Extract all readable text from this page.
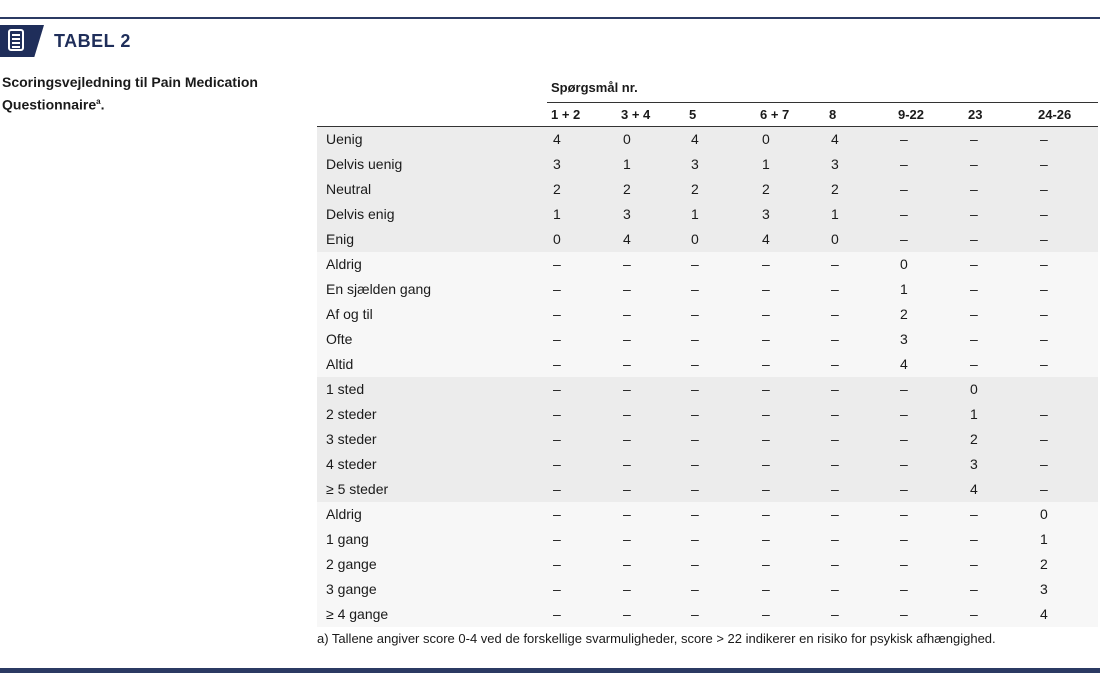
TABEL 2
Scoringsvejledning til Pain Medication Questionnaire$^a$.
Spørgsmål nr.
1 + 2	3 + 4	5	6 + 7	8	9-22	23	24-26
Uenig	4	0	4	0	4	–	–	–
Delvis uenig	3	1	3	1	3	–	–	–
Neutral	2	2	2	2	2	–	–	–
Delvis enig	1	3	1	3	1	–	–	–
Enig	0	4	0	4	0	–	–	–
Aldrig	–	–	–	–	–	0	–	–
En sjælden gang	–	–	–	–	–	1	–	–
Af og til	–	–	–	–	–	2	–	–
Ofte	–	–	–	–	–	3	–	–
Altid	–	–	–	–	–	4	–	–
1 sted	–	–	–	–	–	–	0
2 steder	–	–	–	–	–	–	1	–
3 steder	–	–	–	–	–	–	2	–
4 steder	–	–	–	–	–	–	3	–
≥ 5 steder	–	–	–	–	–	–	4	–
Aldrig	–	–	–	–	–	–	–	0
1 gang	–	–	–	–	–	–	–	1
2 gange	–	–	–	–	–	–	–	2
3 gange	–	–	–	–	–	–	–	3
≥ 4 gange	–	–	–	–	–	–	–	4
a) Tallene angiver score 0-4 ved de forskellige svarmuligheder, score > 22 indikerer en risiko for psykisk afhængighed.
